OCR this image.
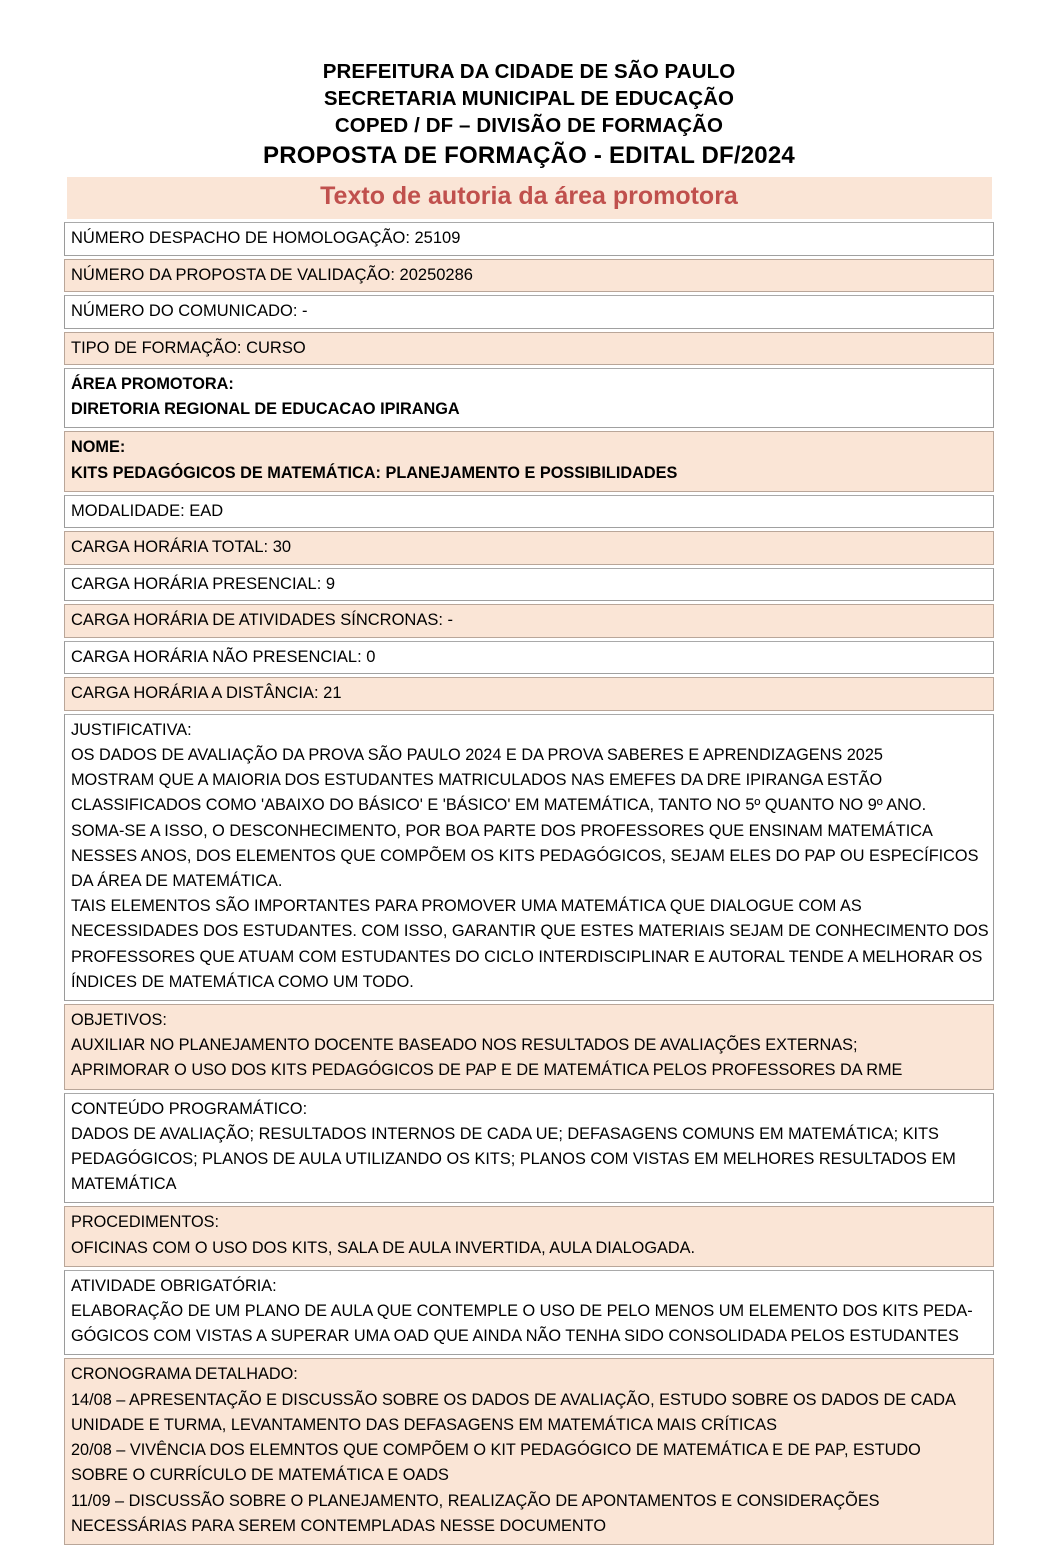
PREFEITURA DA CIDADE DE SÃO PAULO
SECRETARIA MUNICIPAL DE EDUCAÇÃO
COPED / DF – DIVISÃO DE FORMAÇÃO
PROPOSTA DE FORMAÇÃO - EDITAL DF/2024
Texto de autoria da área promotora
NÚMERO DESPACHO DE HOMOLOGAÇÃO: 25109
NÚMERO DA PROPOSTA DE VALIDAÇÃO: 20250286
NÚMERO DO COMUNICADO: -
TIPO DE FORMAÇÃO: CURSO
ÁREA PROMOTORA:
DIRETORIA REGIONAL DE EDUCACAO IPIRANGA
NOME:
KITS PEDAGÓGICOS DE MATEMÁTICA: PLANEJAMENTO E POSSIBILIDADES
MODALIDADE: EAD
CARGA HORÁRIA TOTAL: 30
CARGA HORÁRIA PRESENCIAL: 9
CARGA HORÁRIA DE ATIVIDADES SÍNCRONAS: -
CARGA HORÁRIA NÃO PRESENCIAL: 0
CARGA HORÁRIA A DISTÂNCIA: 21
JUSTIFICATIVA:
OS DADOS DE AVALIAÇÃO DA PROVA SÃO PAULO 2024 E DA PROVA SABERES E APRENDIZAGENS 2025
MOSTRAM QUE A MAIORIA DOS ESTUDANTES MATRICULADOS NAS EMEFES DA DRE IPIRANGA ESTÃO
CLASSIFICADOS COMO 'ABAIXO DO BÁSICO' E 'BÁSICO' EM MATEMÁTICA, TANTO NO 5º QUANTO NO 9º ANO.
SOMA-SE A ISSO, O DESCONHECIMENTO, POR BOA PARTE DOS PROFESSORES QUE ENSINAM MATEMÁTICA
NESSES ANOS, DOS ELEMENTOS QUE COMPÕEM OS KITS PEDAGÓGICOS, SEJAM ELES DO PAP OU ESPECÍFICOS
DA ÁREA DE MATEMÁTICA.
TAIS ELEMENTOS SÃO IMPORTANTES PARA PROMOVER UMA MATEMÁTICA QUE DIALOGUE COM AS
NECESSIDADES DOS ESTUDANTES. COM ISSO, GARANTIR QUE ESTES MATERIAIS SEJAM DE CONHECIMENTO DOS
PROFESSORES QUE ATUAM COM ESTUDANTES DO CICLO INTERDISCIPLINAR E AUTORAL TENDE A MELHORAR OS
ÍNDICES DE MATEMÁTICA COMO UM TODO.
OBJETIVOS:
AUXILIAR NO PLANEJAMENTO DOCENTE BASEADO NOS RESULTADOS DE AVALIAÇÕES EXTERNAS;
APRIMORAR O USO DOS KITS PEDAGÓGICOS DE PAP E DE MATEMÁTICA PELOS PROFESSORES DA RME
CONTEÚDO PROGRAMÁTICO:
DADOS DE AVALIAÇÃO; RESULTADOS INTERNOS DE CADA UE; DEFASAGENS COMUNS EM MATEMÁTICA; KITS
PEDAGÓGICOS; PLANOS DE AULA UTILIZANDO OS KITS; PLANOS COM VISTAS EM MELHORES RESULTADOS EM
MATEMÁTICA
PROCEDIMENTOS:
OFICINAS COM O USO DOS KITS, SALA DE AULA INVERTIDA, AULA DIALOGADA.
ATIVIDADE OBRIGATÓRIA:
ELABORAÇÃO DE UM PLANO DE AULA QUE CONTEMPLE O USO DE PELO MENOS UM ELEMENTO DOS KITS PEDA-
GÓGICOS COM VISTAS A SUPERAR UMA OAD QUE AINDA NÃO TENHA SIDO CONSOLIDADA PELOS ESTUDANTES
CRONOGRAMA DETALHADO:
14/08 – APRESENTAÇÃO E DISCUSSÃO SOBRE OS DADOS DE AVALIAÇÃO, ESTUDO SOBRE OS DADOS DE CADA
UNIDADE E TURMA, LEVANTAMENTO DAS DEFASAGENS EM MATEMÁTICA MAIS CRÍTICAS
20/08 – VIVÊNCIA DOS ELEMNTOS QUE COMPÕEM O KIT PEDAGÓGICO DE MATEMÁTICA E DE PAP, ESTUDO
SOBRE O CURRÍCULO DE MATEMÁTICA E OADS
11/09 – DISCUSSÃO SOBRE O PLANEJAMENTO, REALIZAÇÃO DE APONTAMENTOS E CONSIDERAÇÕES
NECESSÁRIAS PARA SEREM CONTEMPLADAS NESSE DOCUMENTO
